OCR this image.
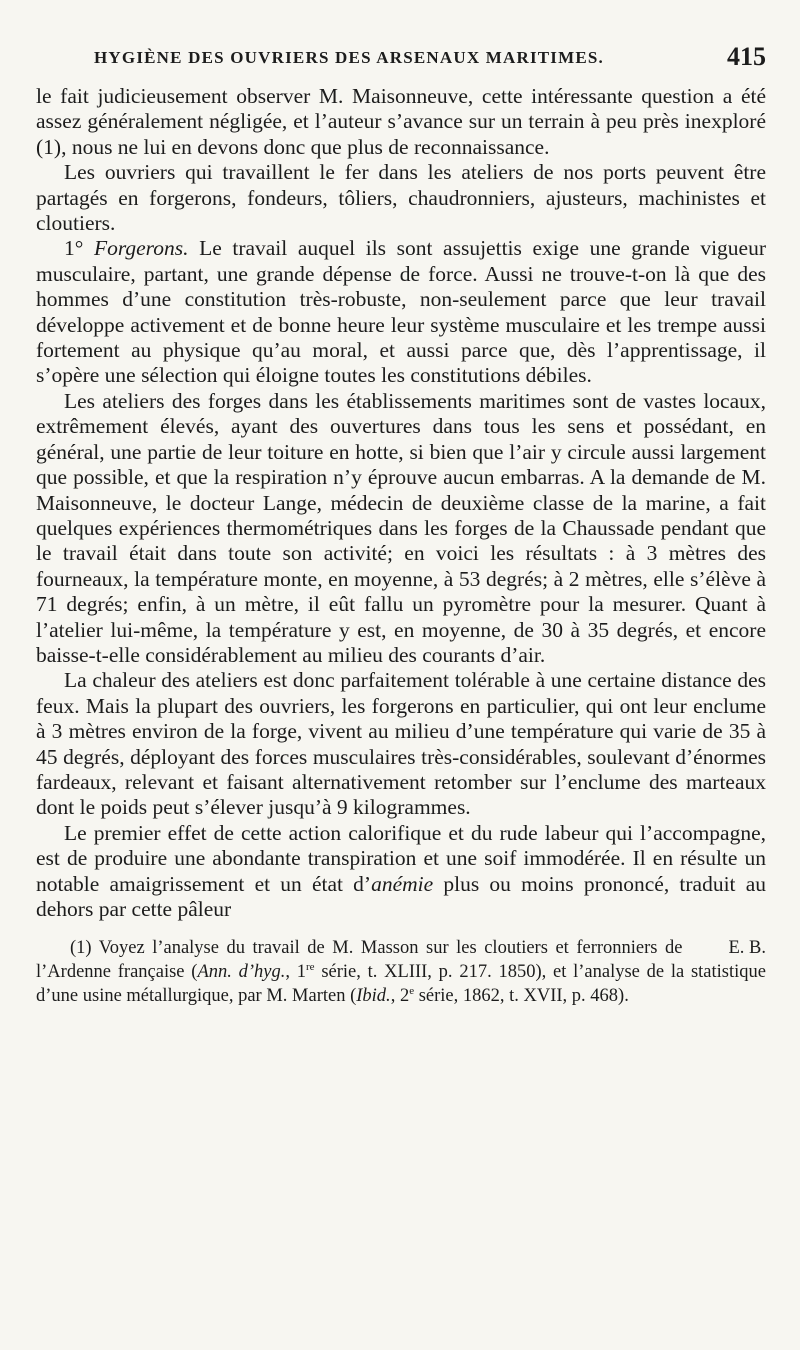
HYGIÈNE DES OUVRIERS DES ARSENAUX MARITIMES.	415

le fait judicieusement observer M. Maisonneuve, cette intéressante question a été assez généralement négligée, et l’auteur s’avance sur un terrain à peu près inexploré (1), nous ne lui en devons donc que plus de reconnaissance.

Les ouvriers qui travaillent le fer dans les ateliers de nos ports peuvent être partagés en forgerons, fondeurs, tôliers, chaudronniers, ajusteurs, machinistes et cloutiers.

1° Forgerons. Le travail auquel ils sont assujettis exige une grande vigueur musculaire, partant, une grande dépense de force. Aussi ne trouve-t-on là que des hommes d’une constitution très-robuste, non-seulement parce que leur travail développe activement et de bonne heure leur système musculaire et les trempe aussi fortement au physique qu’au moral, et aussi parce que, dès l’apprentissage, il s’opère une sélection qui éloigne toutes les constitutions débiles.

Les ateliers des forges dans les établissements maritimes sont de vastes locaux, extrêmement élevés, ayant des ouvertures dans tous les sens et possédant, en général, une partie de leur toiture en hotte, si bien que l’air y circule aussi largement que possible, et que la respiration n’y éprouve aucun embarras. A la demande de M. Maisonneuve, le docteur Lange, médecin de deuxième classe de la marine, a fait quelques expériences thermométriques dans les forges de la Chaussade pendant que le travail était dans toute son activité; en voici les résultats : à 3 mètres des fourneaux, la température monte, en moyenne, à 53 degrés; à 2 mètres, elle s’élève à 71 degrés; enfin, à un mètre, il eût fallu un pyromètre pour la mesurer. Quant à l’atelier lui-même, la température y est, en moyenne, de 30 à 35 degrés, et encore baisse-t-elle considérablement au milieu des courants d’air.

La chaleur des ateliers est donc parfaitement tolérable à une certaine distance des feux. Mais la plupart des ouvriers, les forgerons en particulier, qui ont leur enclume à 3 mètres environ de la forge, vivent au milieu d’une température qui varie de 35 à 45 degrés, déployant des forces musculaires très-considérables, soulevant d’énormes fardeaux, relevant et faisant alternativement retomber sur l’enclume des marteaux dont le poids peut s’élever jusqu’à 9 kilogrammes.

Le premier effet de cette action calorifique et du rude labeur qui l’accompagne, est de produire une abondante transpiration et une soif immodérée. Il en résulte un notable amaigrissement et un état d’anémie plus ou moins prononcé, traduit au dehors par cette pâleur

E. B.
(1) Voyez l’analyse du travail de M. Masson sur les cloutiers et ferronniers de l’Ardenne française (Ann. d’hyg., 1re série, t. XLIII, p. 217. 1850), et l’analyse de la statistique d’une usine métallurgique, par M. Marten (Ibid., 2e série, 1862, t. XVII, p. 468).
